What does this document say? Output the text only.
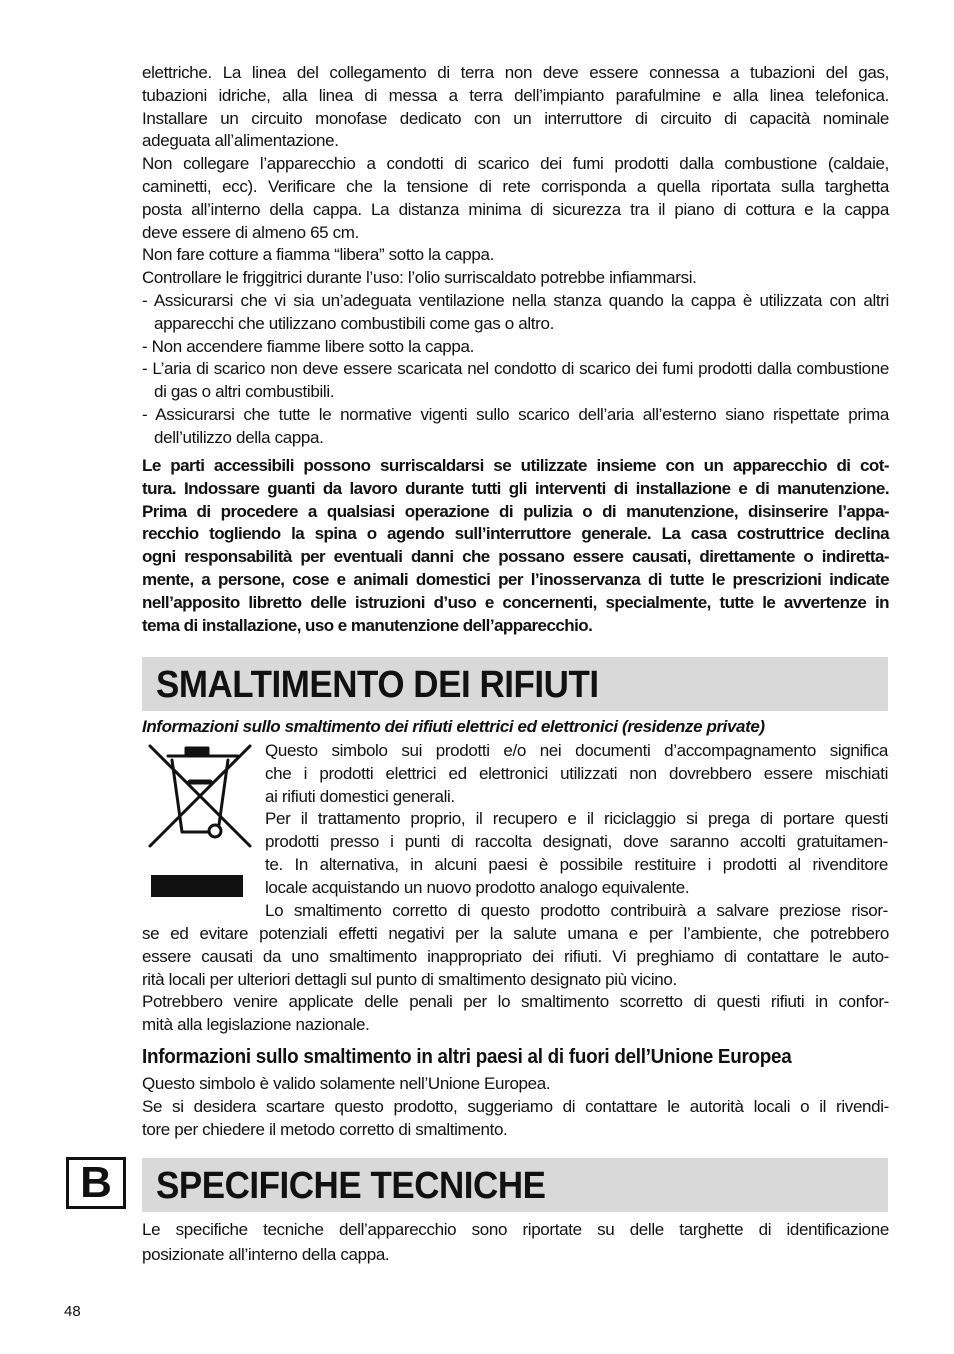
elettriche. La linea del collegamento di terra non deve essere connessa a tubazioni del gas,
tubazioni idriche, alla linea di messa a terra dell’impianto parafulmine e alla linea telefonica.
Installare un circuito monofase dedicato con un interruttore di circuito di capacità nominale
adeguata all’alimentazione.
Non collegare l’apparecchio a condotti di scarico dei fumi prodotti dalla combustione (caldaie,
caminetti, ecc). Verificare che la tensione di rete corrisponda a quella riportata sulla targhetta
posta all’interno della cappa. La distanza minima di sicurezza tra il piano di cottura e la cappa
deve essere di almeno 65 cm.
Non fare cotture a fiamma “libera” sotto la cappa.
Controllare le friggitrici durante l’uso: l’olio surriscaldato potrebbe infiammarsi.
- Assicurarsi che vi sia un’adeguata ventilazione nella stanza quando la cappa è utilizzata con altri apparecchi che utilizzano combustibili come gas o altro.
- Non accendere fiamme libere sotto la cappa.
- L’aria di scarico non deve essere scaricata nel condotto di scarico dei fumi prodotti dalla combustione di gas o altri combustibili.
- Assicurarsi che tutte le normative vigenti sullo scarico dell’aria all’esterno siano rispettate prima dell’utilizzo della cappa.
Le parti accessibili possono surriscaldarsi se utilizzate insieme con un apparecchio di cot-
tura. Indossare guanti da lavoro durante tutti gli interventi di installazione e di manutenzione.
Prima di procedere a qualsiasi operazione di pulizia o di manutenzione, disinserire l’appa-
recchio togliendo la spina o agendo sull’interruttore generale. La casa costruttrice declina
ogni responsabilità per eventuali danni che possano essere causati, direttamente o indiretta-
mente, a persone, cose e animali domestici per l’inosservanza di tutte le prescrizioni indicate
nell’apposito libretto delle istruzioni d’uso e concernenti, specialmente, tutte le avvertenze in
tema di installazione, uso e manutenzione dell’apparecchio.
SMALTIMENTO DEI RIFIUTI
Informazioni sullo smaltimento dei rifiuti elettrici ed elettronici (residenze private)
Questo simbolo sui prodotti e/o nei documenti d’accompagnamento significa
che i prodotti elettrici ed elettronici utilizzati non dovrebbero essere mischiati
ai rifiuti domestici generali.
Per il trattamento proprio, il recupero e il riciclaggio si prega di portare questi
prodotti presso i punti di raccolta designati, dove saranno accolti gratuitamen-
te. In alternativa, in alcuni paesi è possibile restituire i prodotti al rivenditore
locale acquistando un nuovo prodotto analogo equivalente.
Lo smaltimento corretto di questo prodotto contribuirà a salvare preziose risor-
se ed evitare potenziali effetti negativi per la salute umana e per l’ambiente, che potrebbero
essere causati da uno smaltimento inappropriato dei rifiuti. Vi preghiamo di contattare le auto-
rità locali per ulteriori dettagli sul punto di smaltimento designato più vicino.
Potrebbero venire applicate delle penali per lo smaltimento scorretto di questi rifiuti in confor-
mità alla legislazione nazionale.
Informazioni sullo smaltimento in altri paesi al di fuori dell’Unione Europea
Questo simbolo è valido solamente nell’Unione Europea.
Se si desidera scartare questo prodotto, suggeriamo di contattare le autorità locali o il rivendi-
tore per chiedere il metodo corretto di smaltimento.
B SPECIFICHE TECNICHE
Le specifiche tecniche dell’apparecchio sono riportate su delle targhette di identificazione
posizionate all’interno della cappa.
48
